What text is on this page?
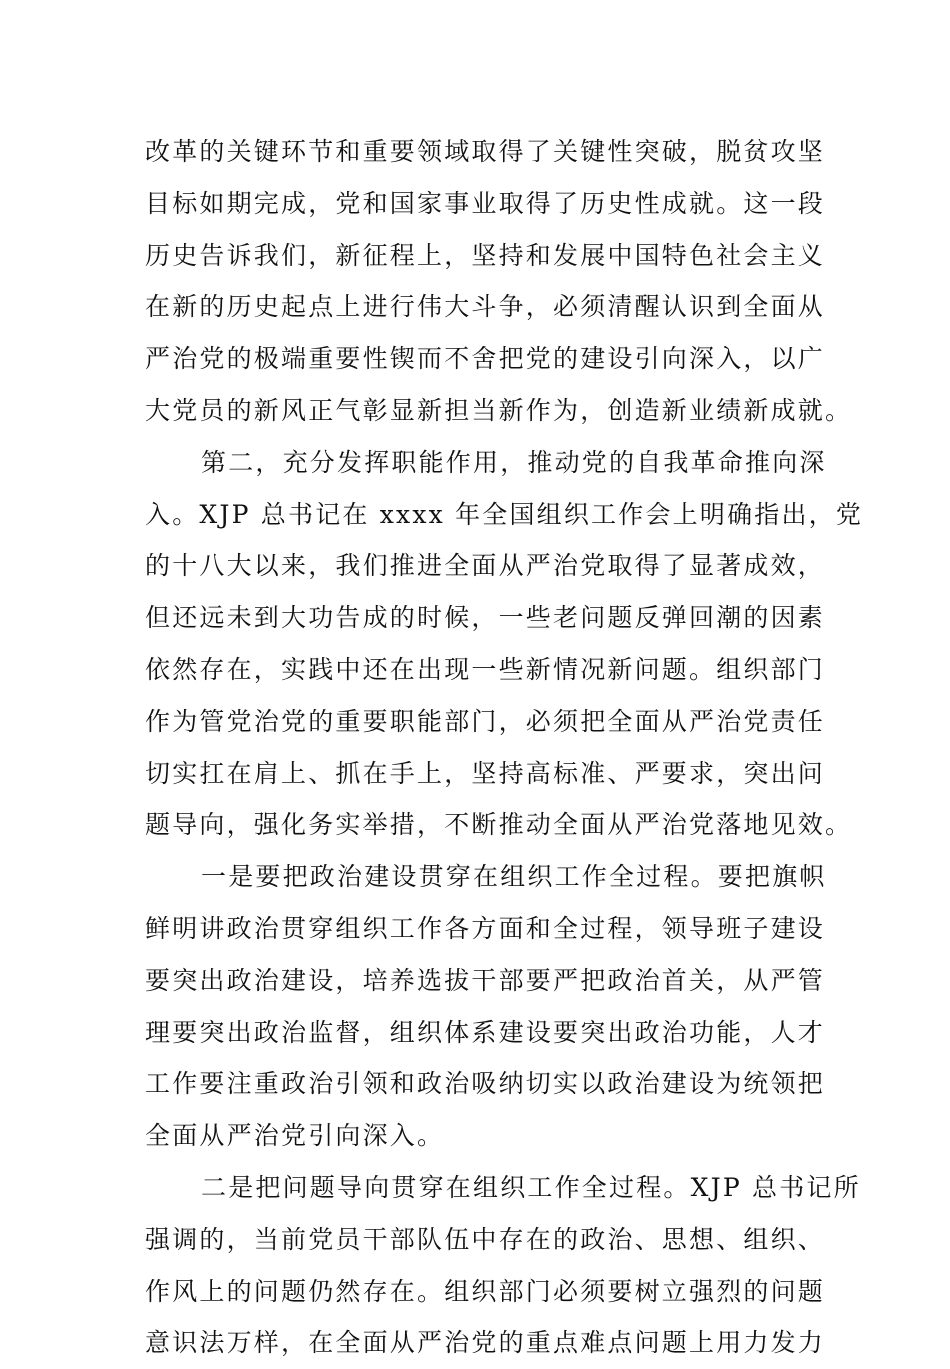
改革的关键环节和重要领域取得了关键性突破，脱贫攻坚
目标如期完成，党和国家事业取得了历史性成就。这一段
历史告诉我们，新征程上，坚持和发展中国特色社会主义
在新的历史起点上进行伟大斗争，必须清醒认识到全面从
严治党的极端重要性锲而不舍把党的建设引向深入，以广
大党员的新风正气彰显新担当新作为，创造新业绩新成就。
第二，充分发挥职能作用，推动党的自我革命推向深
入。XJP 总书记在 xxxx 年全国组织工作会上明确指出，党
的十八大以来，我们推进全面从严治党取得了显著成效，
但还远未到大功告成的时候，一些老问题反弹回潮的因素
依然存在，实践中还在出现一些新情况新问题。组织部门
作为管党治党的重要职能部门，必须把全面从严治党责任
切实扛在肩上、抓在手上，坚持高标准、严要求，突出问
题导向，强化务实举措，不断推动全面从严治党落地见效。
一是要把政治建设贯穿在组织工作全过程。要把旗帜
鲜明讲政治贯穿组织工作各方面和全过程，领导班子建设
要突出政治建设，培养选拔干部要严把政治首关，从严管
理要突出政治监督，组织体系建设要突出政治功能，人才
工作要注重政治引领和政治吸纳切实以政治建设为统领把
全面从严治党引向深入。
二是把问题导向贯穿在组织工作全过程。XJP 总书记所
强调的，当前党员干部队伍中存在的政治、思想、组织、
作风上的问题仍然存在。组织部门必须要树立强烈的问题
意识法万样，在全面从严治党的重点难点问题上用力发力
